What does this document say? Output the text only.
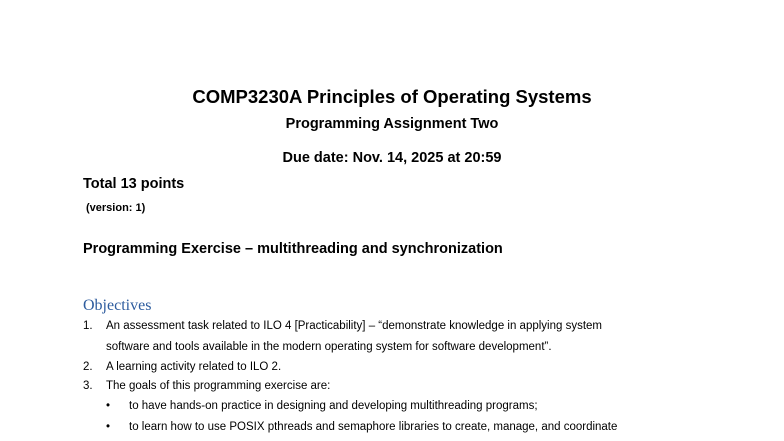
COMP3230A Principles of Operating Systems

Programming Assignment Two

Due date: Nov. 14, 2025 at 20:59

Total 13 points

(version: 1)

Programming Exercise – multithreading and synchronization

Objectives

1. An assessment task related to ILO 4 [Practicability] – “demonstrate knowledge in applying system

software and tools available in the modern operating system for software development”.

2. A learning activity related to ILO 2.

3. The goals of this programming exercise are:

• to have hands-on practice in designing and developing multithreading programs;

• to learn how to use POSIX pthreads and semaphore libraries to create, manage, and coordinate
